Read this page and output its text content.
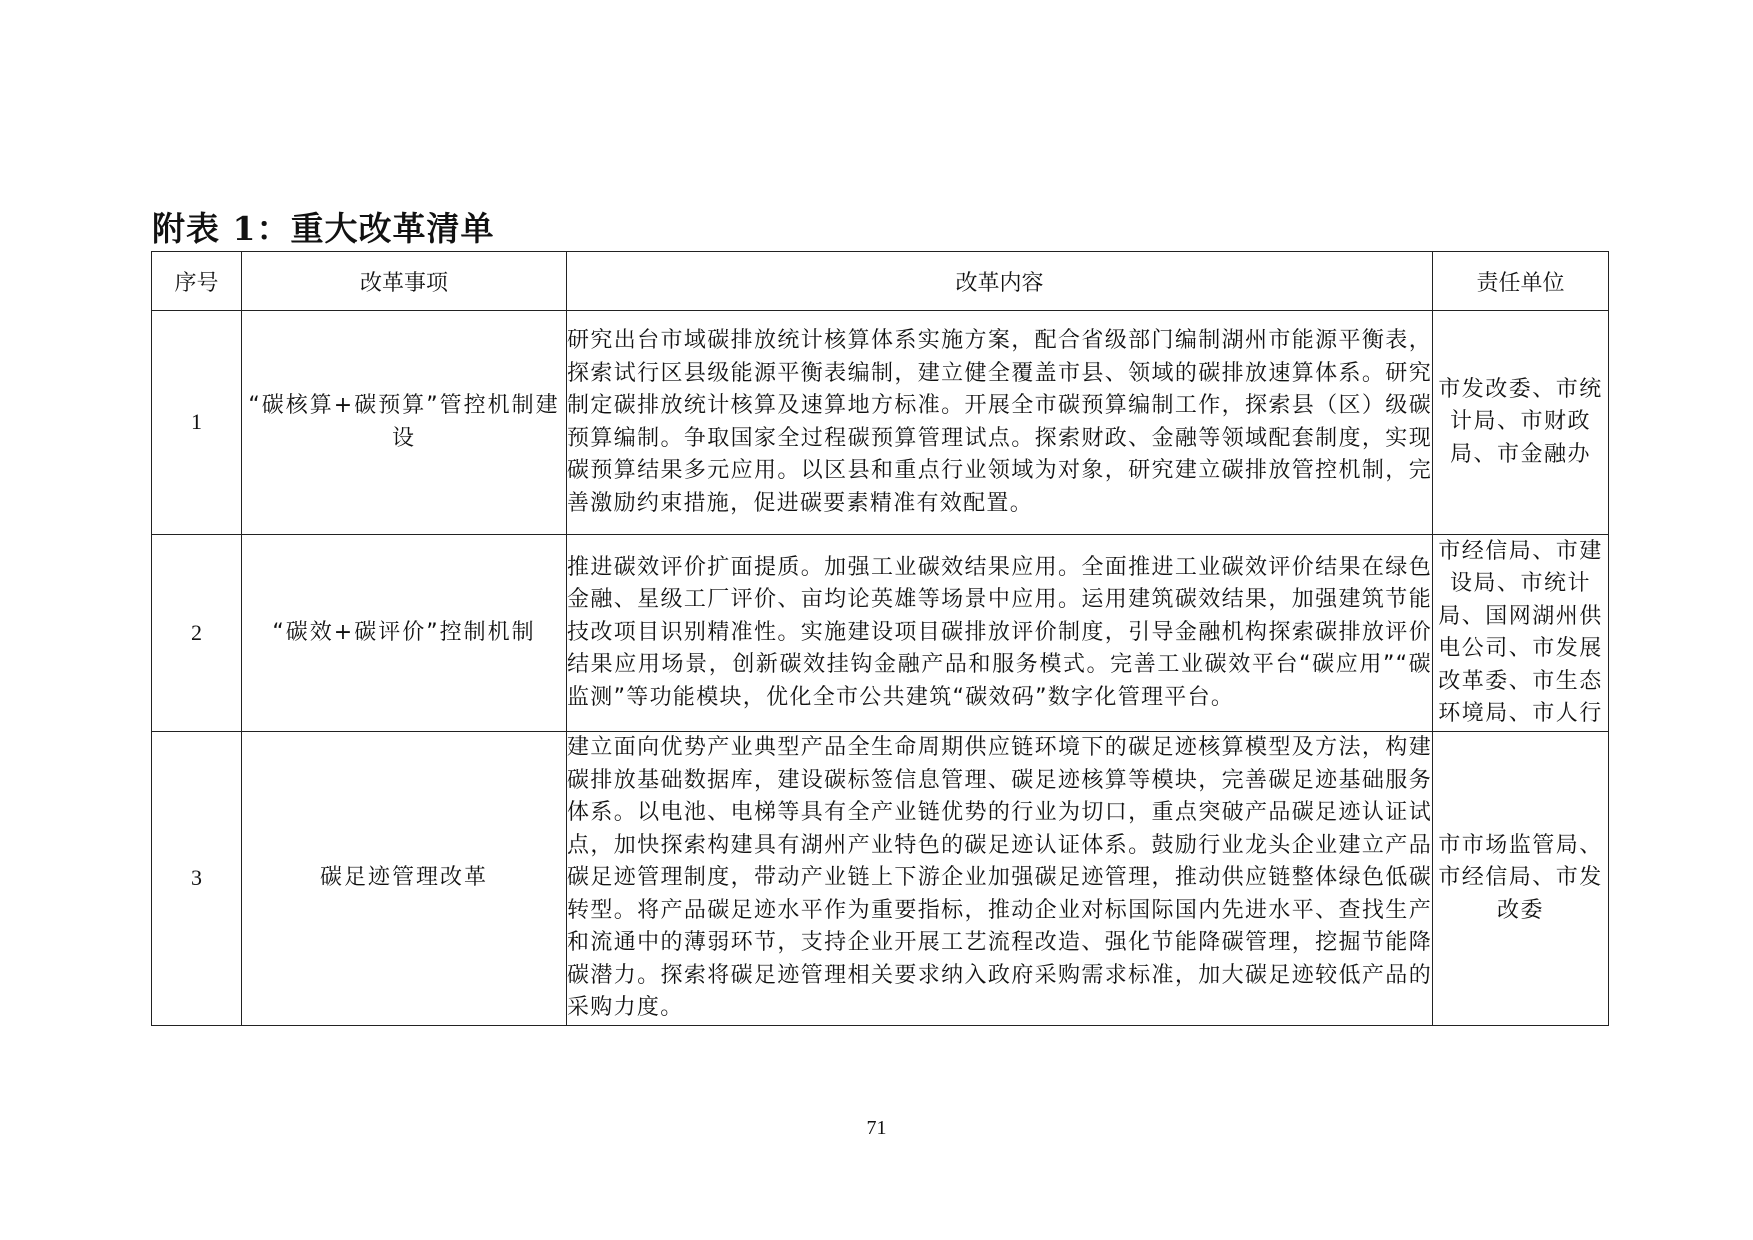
附表 1：重大改革清单
序号	改革事项	改革内容	责任单位
1	“碳核算+碳预算”管控机制建设	研究出台市域碳排放统计核算体系实施方案，配合省级部门编制湖州市能源平衡表，探索试行区县级能源平衡表编制，建立健全覆盖市县、领域的碳排放速算体系。研究制定碳排放统计核算及速算地方标准。开展全市碳预算编制工作，探索县（区）级碳预算编制。争取国家全过程碳预算管理试点。探索财政、金融等领域配套制度，实现碳预算结果多元应用。以区县和重点行业领域为对象，研究建立碳排放管控机制，完善激励约束措施，促进碳要素精准有效配置。	市发改委、市统计局、市财政局、市金融办
2	“碳效+碳评价”控制机制	推进碳效评价扩面提质。加强工业碳效结果应用。全面推进工业碳效评价结果在绿色金融、星级工厂评价、亩均论英雄等场景中应用。运用建筑碳效结果，加强建筑节能技改项目识别精准性。实施建设项目碳排放评价制度，引导金融机构探索碳排放评价结果应用场景，创新碳效挂钩金融产品和服务模式。完善工业碳效平台“碳应用”“碳监测”等功能模块，优化全市公共建筑“碳效码”数字化管理平台。	市经信局、市建设局、市统计局、国网湖州供电公司、市发展改革委、市生态环境局、市人行
3	碳足迹管理改革	建立面向优势产业典型产品全生命周期供应链环境下的碳足迹核算模型及方法，构建碳排放基础数据库，建设碳标签信息管理、碳足迹核算等模块，完善碳足迹基础服务体系。以电池、电梯等具有全产业链优势的行业为切口，重点突破产品碳足迹认证试点，加快探索构建具有湖州产业特色的碳足迹认证体系。鼓励行业龙头企业建立产品碳足迹管理制度，带动产业链上下游企业加强碳足迹管理，推动供应链整体绿色低碳转型。将产品碳足迹水平作为重要指标，推动企业对标国际国内先进水平、查找生产和流通中的薄弱环节，支持企业开展工艺流程改造、强化节能降碳管理，挖掘节能降碳潜力。探索将碳足迹管理相关要求纳入政府采购需求标准，加大碳足迹较低产品的采购力度。	市市场监管局、市经信局、市发改委
71
